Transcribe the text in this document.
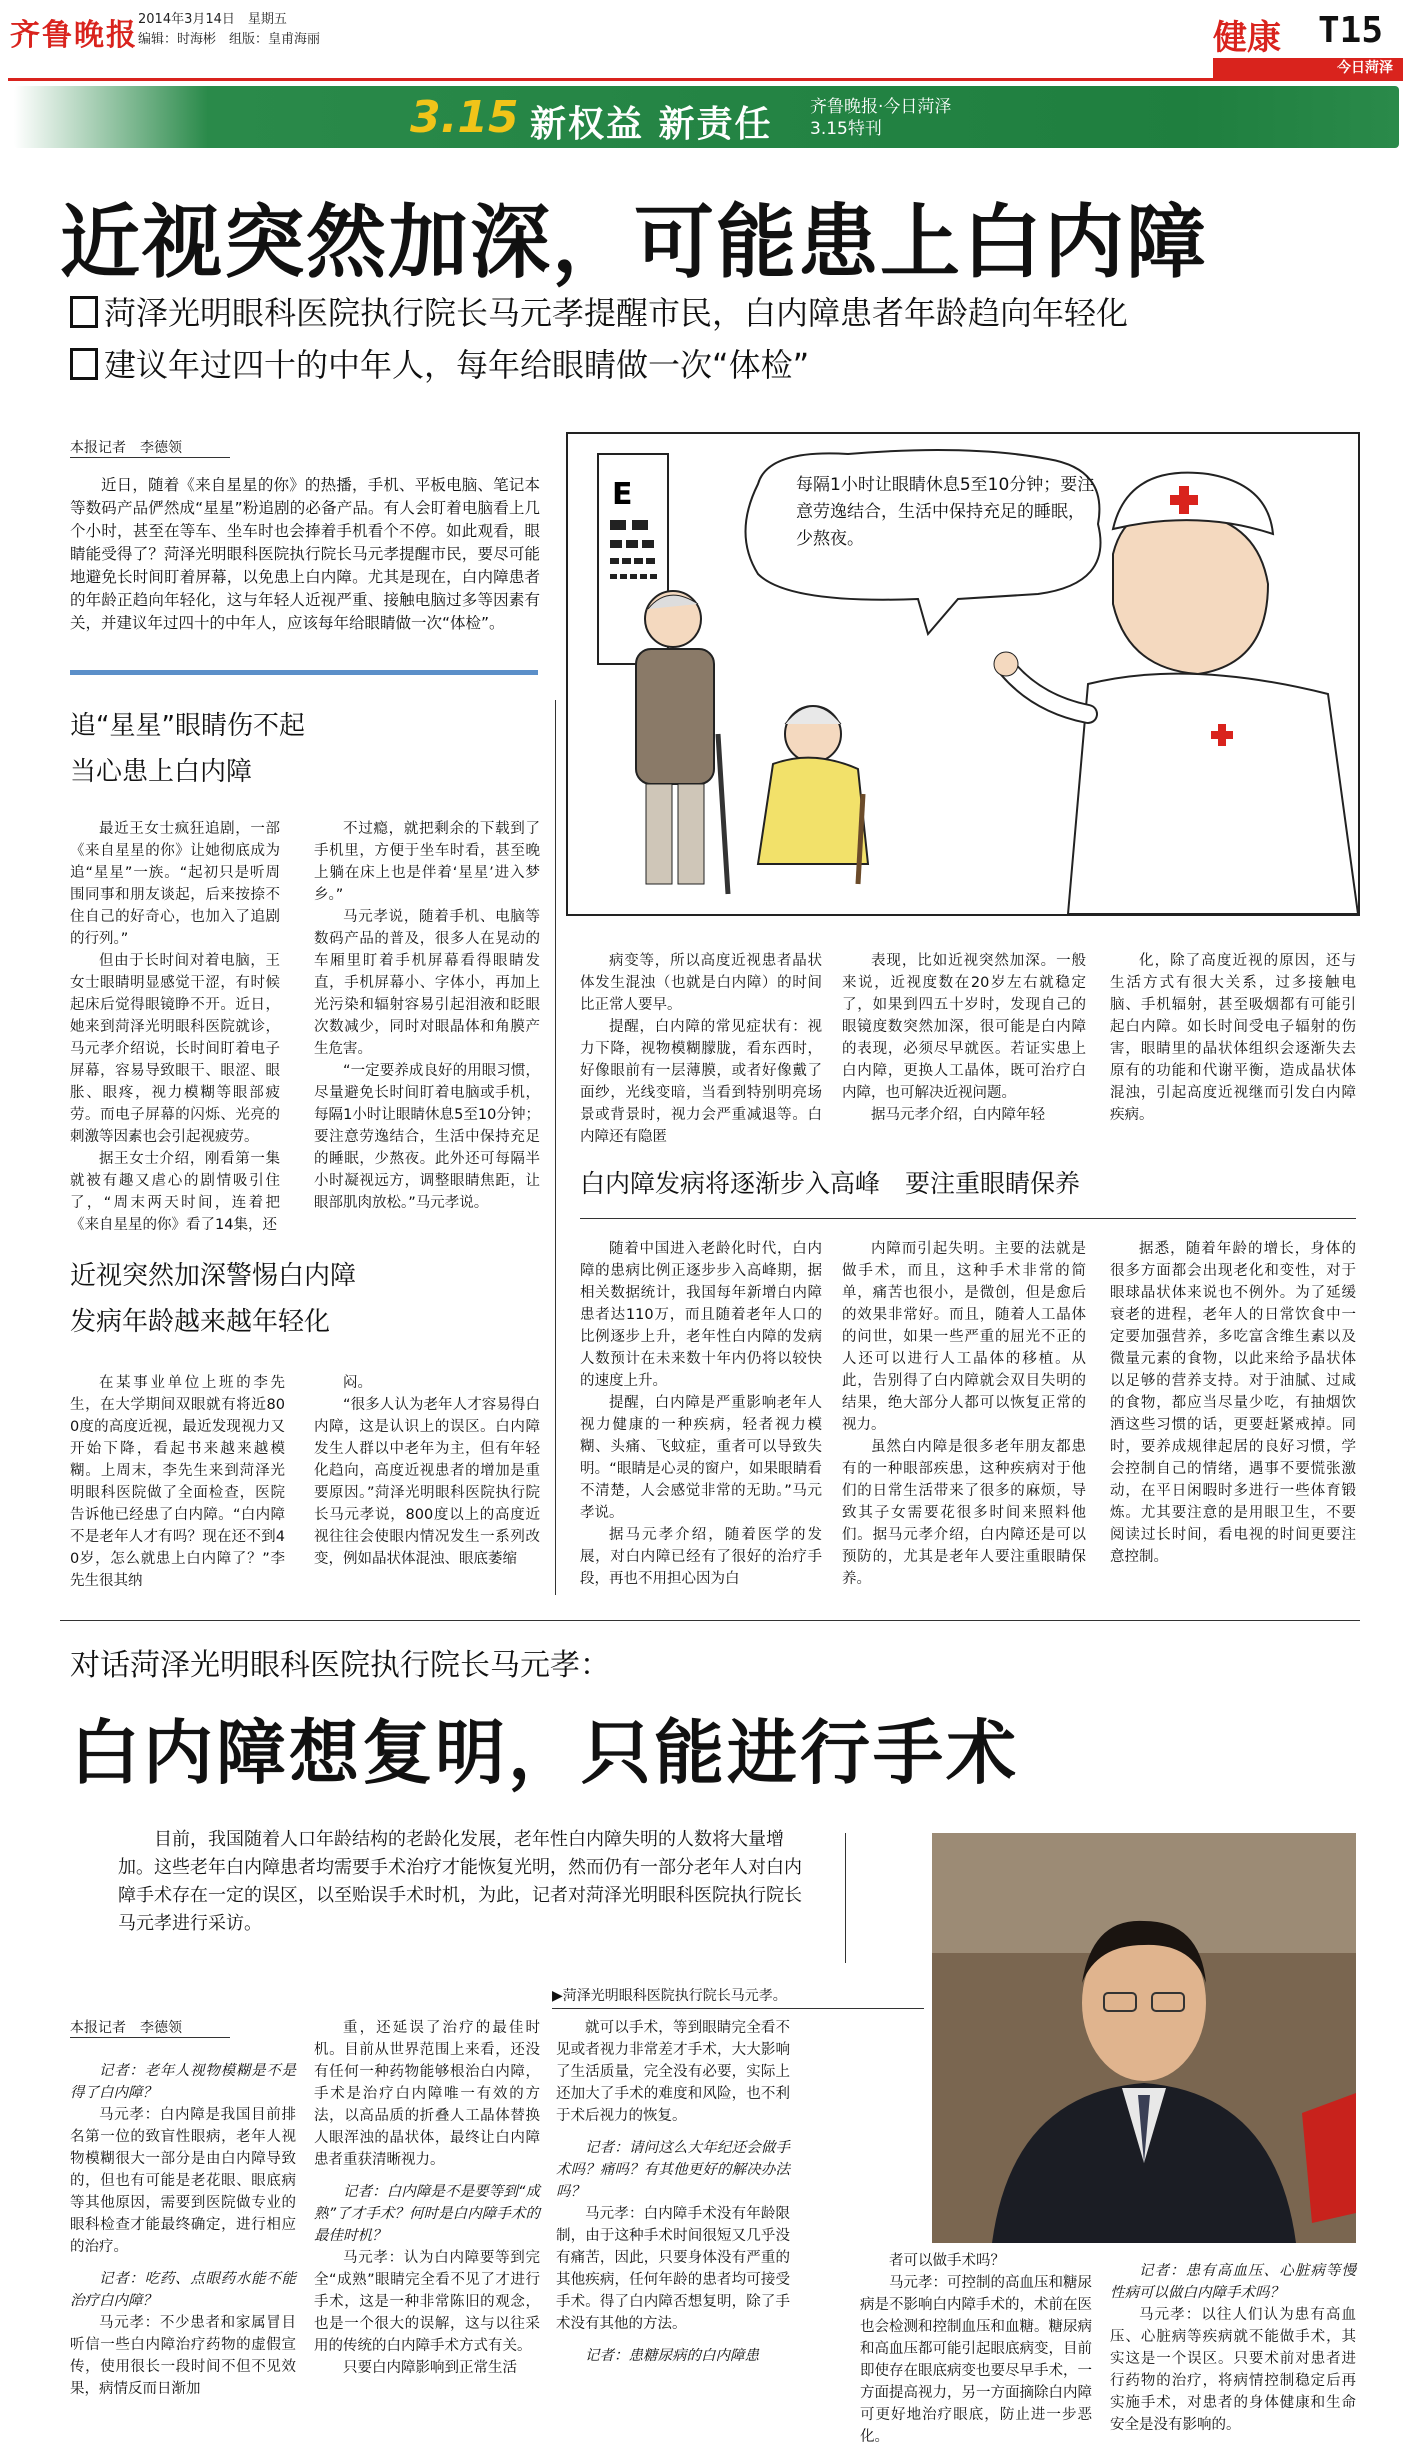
齐鲁晚报 2014年3月14日　星期五
编辑：时海彬　组版：皇甫海丽	健康 T15
今日菏泽
3.15 新权益 新责任 齐鲁晚报·今日菏泽
3.15特刊
近视突然加深，可能患上白内障
菏泽光明眼科医院执行院长马元孝提醒市民，白内障患者年龄趋向年轻化
建议年过四十的中年人，每年给眼睛做一次“体检”
本报记者　李德领

近日，随着《来自星星的你》的热播，手机、平板电脑、笔记本等数码产品俨然成“星星”粉追剧的必备产品。有人会盯着电脑看上几个小时，甚至在等车、坐车时也会捧着手机看个不停。如此观看，眼睛能受得了？菏泽光明眼科医院执行院长马元孝提醒市民，要尽可能地避免长时间盯着屏幕，以免患上白内障。尤其是现在，白内障患者的年龄正趋向年轻化，这与年轻人近视严重、接触电脑过多等因素有关，并建议年过四十的中年人，应该每年给眼睛做一次“体检”。

E	每隔1小时让眼睛休息5至10分钟；要注意劳逸结合，生活中保持充足的睡眠，少熬夜。
追“星星”眼睛伤不起
当心患上白内障

最近王女士疯狂追剧，一部《来自星星的你》让她彻底成为追“星星”一族。“起初只是听周围同事和朋友谈起，后来按捺不住自己的好奇心，也加入了追剧的行列。”

但由于长时间对着电脑，王女士眼睛明显感觉干涩，有时候起床后觉得眼镜睁不开。近日，她来到菏泽光明眼科医院就诊，马元孝介绍说，长时间盯着电子屏幕，容易导致眼干、眼涩、眼胀、眼疼，视力模糊等眼部疲劳。而电子屏幕的闪烁、光亮的刺激等因素也会引起视疲劳。

据王女士介绍，刚看第一集就被有趣又虐心的剧情吸引住了，“周末两天时间，连着把《来自星星的你》看了14集，还

不过瘾，就把剩余的下载到了手机里，方便于坐车时看，甚至晚上躺在床上也是伴着‘星星’进入梦乡。”

马元孝说，随着手机、电脑等数码产品的普及，很多人在晃动的车厢里盯着手机屏幕看得眼睛发直，手机屏幕小、字体小，再加上光污染和辐射容易引起泪液和眨眼次数减少，同时对眼晶体和角膜产生危害。

“一定要养成良好的用眼习惯，尽量避免长时间盯着电脑或手机，每隔1小时让眼睛休息5至10分钟；要注意劳逸结合，生活中保持充足的睡眠，少熬夜。此外还可每隔半小时凝视远方，调整眼睛焦距，让眼部肌肉放松。”马元孝说。

病变等，所以高度近视患者晶状体发生混浊（也就是白内障）的时间比正常人要早。

提醒，白内障的常见症状有：视力下降，视物模糊朦胧，看东西时，好像眼前有一层薄膜，或者好像戴了面纱，光线变暗，当看到特别明亮场景或背景时，视力会严重减退等。白内障还有隐匿

表现，比如近视突然加深。一般来说，近视度数在20岁左右就稳定了，如果到四五十岁时，发现自己的眼镜度数突然加深，很可能是白内障的表现，必须尽早就医。若证实患上白内障，更换人工晶体，既可治疗白内障，也可解决近视问题。

据马元孝介绍，白内障年轻

化，除了高度近视的原因，还与生活方式有很大关系，过多接触电脑、手机辐射，甚至吸烟都有可能引起白内障。如长时间受电子辐射的伤害，眼睛里的晶状体组织会逐渐失去原有的功能和代谢平衡，造成晶状体混浊，引起高度近视继而引发白内障疾病。

近视突然加深警惕白内障
发病年龄越来越年轻化

在某事业单位上班的李先生，在大学期间双眼就有将近800度的高度近视，最近发现视力又开始下降，看起书来越来越模糊。上周末，李先生来到菏泽光明眼科医院做了全面检查，医院告诉他已经患了白内障。“白内障不是老年人才有吗？现在还不到40岁，怎么就患上白内障了？”李先生很其纳

闷。

“很多人认为老年人才容易得白内障，这是认识上的误区。白内障发生人群以中老年为主，但有年轻化趋向，高度近视患者的增加是重要原因。”菏泽光明眼科医院执行院长马元孝说，800度以上的高度近视往往会使眼内情况发生一系列改变，例如晶状体混浊、眼底萎缩

白内障发病将逐渐步入高峰　要注重眼睛保养

随着中国进入老龄化时代，白内障的患病比例正逐步步入高峰期，据相关数据统计，我国每年新增白内障患者达110万，而且随着老年人口的比例逐步上升，老年性白内障的发病人数预计在未来数十年内仍将以较快的速度上升。

提醒，白内障是严重影响老年人视力健康的一种疾病，轻者视力模糊、头痛、飞蚊症，重者可以导致失明。“眼睛是心灵的窗户，如果眼睛看不清楚，人会感觉非常的无助。”马元孝说。

据马元孝介绍，随着医学的发展，对白内障已经有了很好的治疗手段，再也不用担心因为白

内障而引起失明。主要的法就是做手术，而且，这种手术非常的简单，痛苦也很小，是微创，但是愈后的效果非常好。而且，随着人工晶体的问世，如果一些严重的屈光不正的人还可以进行人工晶体的移植。从此，告别得了白内障就会双目失明的结果，绝大部分人都可以恢复正常的视力。

虽然白内障是很多老年朋友都患有的一种眼部疾患，这种疾病对于他们的日常生活带来了很多的麻烦，导致其子女需要花很多时间来照料他们。据马元孝介绍，白内障还是可以预防的，尤其是老年人要注重眼睛保养。

据悉，随着年龄的增长，身体的很多方面都会出现老化和变性，对于眼球晶状体来说也不例外。为了延缓衰老的进程，老年人的日常饮食中一定要加强营养，多吃富含维生素以及微量元素的食物，以此来给予晶状体以足够的营养支持。对于油腻、过咸的食物，都应当尽量少吃，有抽烟饮酒这些习惯的话，更要赶紧戒掉。同时，要养成规律起居的良好习惯，学会控制自己的情绪，遇事不要慌张激动，在平日闲暇时多进行一些体育锻炼。尤其要注意的是用眼卫生，不要阅读过长时间，看电视的时间更要注意控制。

对话菏泽光明眼科医院执行院长马元孝：
白内障想复明，只能进行手术
目前，我国随着人口年龄结构的老龄化发展，老年性白内障失明的人数将大量增加。这些老年白内障患者均需要手术治疗才能恢复光明，然而仍有一部分老年人对白内障手术存在一定的误区，以至贻误手术时机，为此，记者对菏泽光明眼科医院执行院长马元孝进行采访。
▶菏泽光明眼科医院执行院长马元孝。
本报记者　李德领

记者：老年人视物模糊是不是得了白内障？

马元孝：白内障是我国目前排名第一位的致盲性眼病，老年人视物模糊很大一部分是由白内障导致的，但也有可能是老花眼、眼底病等其他原因，需要到医院做专业的眼科检查才能最终确定，进行相应的治疗。

记者：吃药、点眼药水能不能治疗白内障？

马元孝：不少患者和家属冒目听信一些白内障治疗药物的虚假宣传，使用很长一段时间不但不见效果，病情反而日渐加

重，还延误了治疗的最佳时机。目前从世界范围上来看，还没有任何一种药物能够根治白内障，手术是治疗白内障唯一有效的方法，以高品质的折叠人工晶体替换人眼浑浊的晶状体，最终让白内障患者重获清晰视力。

记者：白内障是不是要等到“成熟”了才手术？何时是白内障手术的最佳时机？

马元孝：认为白内障要等到完全“成熟”眼睛完全看不见了才进行手术，这是一种非常陈旧的观念，也是一个很大的误解，这与以往采用的传统的白内障手术方式有关。

只要白内障影响到正常生活

就可以手术，等到眼睛完全看不见或者视力非常差才手术，大大影响了生活质量，完全没有必要，实际上还加大了手术的难度和风险，也不利于术后视力的恢复。

记者：请问这么大年纪还会做手术吗？痛吗？有其他更好的解决办法吗？

马元孝：白内障手术没有年龄限制，由于这种手术时间很短又几乎没有痛苦，因此，只要身体没有严重的其他疾病，任何年龄的患者均可接受手术。得了白内障否想复明，除了手术没有其他的方法。

记者：患糖尿病的白内障患

者可以做手术吗？

马元孝：可控制的高血压和糖尿病是不影响白内障手术的，术前在医也会检测和控制血压和血糖。糖尿病和高血压都可能引起眼底病变，目前即使存在眼底病变也要尽早手术，一方面提高视力，另一方面摘除白内障可更好地治疗眼底，防止进一步恶化。

记者：患有高血压、心脏病等慢性病可以做白内障手术吗？

马元孝：以往人们认为患有高血压、心脏病等疾病就不能做手术，其实这是一个误区。只要术前对患者进行药物的治疗，将病情控制稳定后再实施手术，对患者的身体健康和生命安全是没有影响的。
